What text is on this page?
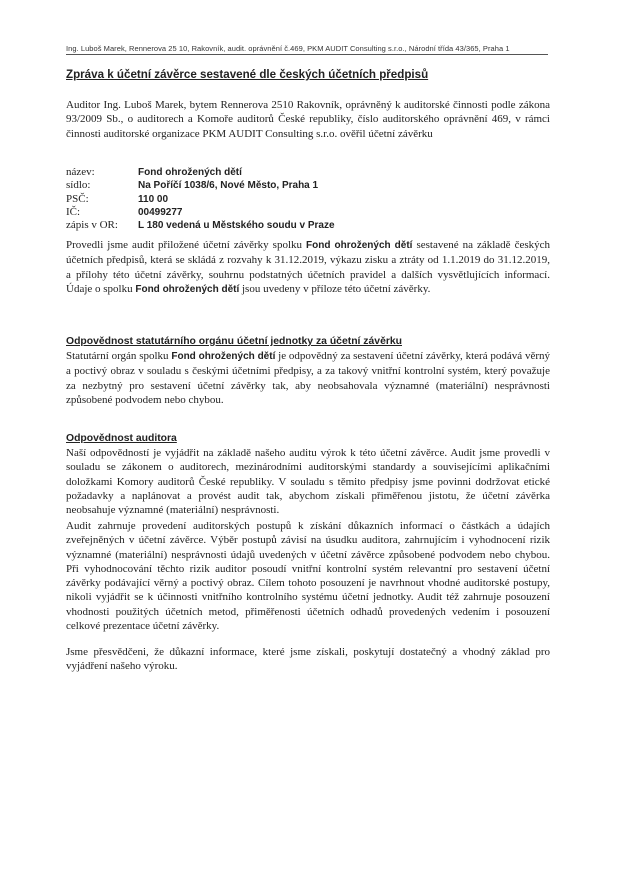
Ing. Luboš Marek, Rennerova 25 10, Rakovník, audit. oprávnění č.469, PKM AUDIT Consulting s.r.o., Národní třída 43/365, Praha 1
Zpráva k účetní závěrce sestavené dle českých účetních předpisů

Auditor Ing. Luboš Marek, bytem Rennerova 2510 Rakovník, oprávněný k auditorské činnosti podle zákona 93/2009 Sb., o auditorech a Komoře auditorů České republiky, číslo auditorského oprávnění 469, v rámci činnosti auditorské organizace PKM AUDIT Consulting s.r.o. ověřil účetní závěrku

název:	Fond ohrožených dětí
sídlo:	Na Poříčí 1038/6, Nové Město, Praha 1
PSČ:	110 00
IČ:	00499277
zápis v OR: L 180 vedená u Městského soudu v Praze

Provedli jsme audit přiložené účetní závěrky spolku Fond ohrožených dětí sestavené na základě českých účetních předpisů, která se skládá z rozvahy k 31.12.2019, výkazu zisku a ztráty od 1.1.2019 do 31.12.2019, a přílohy této účetní závěrky, souhrnu podstatných účetních pravidel a dalších vysvětlujících informací. Údaje o spolku Fond ohrožených dětí jsou uvedeny v příloze této účetní závěrky.

Odpovědnost statutárního orgánu účetní jednotky za účetní závěrku

Statutární orgán spolku Fond ohrožených dětí je odpovědný za sestavení účetní závěrky, která podává věrný a poctivý obraz v souladu s českými účetními předpisy, a za takový vnitřní kontrolní systém, který považuje za nezbytný pro sestavení účetní závěrky tak, aby neobsahovala významné (materiální) nesprávnosti způsobené podvodem nebo chybou.

Odpovědnost auditora

Naší odpovědností je vyjádřit na základě našeho auditu výrok k této účetní závěrce. Audit jsme provedli v souladu se zákonem o auditorech, mezinárodními auditorskými standardy a souvisejícími aplikačními doložkami Komory auditorů České republiky. V souladu s těmito předpisy jsme povinni dodržovat etické požadavky a naplánovat a provést audit tak, abychom získali přiměřenou jistotu, že účetní závěrka neobsahuje významné (materiální) nesprávnosti.

Audit zahrnuje provedení auditorských postupů k získání důkazních informací o částkách a údajích zveřejněných v účetní závěrce. Výběr postupů závisí na úsudku auditora, zahrnujícím i vyhodnocení rizik významné (materiální) nesprávnosti údajů uvedených v účetní závěrce způsobené podvodem nebo chybou. Při vyhodnocování těchto rizik auditor posoudí vnitřní kontrolní systém relevantní pro sestavení účetní závěrky podávající věrný a poctivý obraz. Cílem tohoto posouzení je navrhnout vhodné auditorské postupy, nikoli vyjádřit se k účinnosti vnitřního kontrolního systému účetní jednotky. Audit též zahrnuje posouzení vhodnosti použitých účetních metod, přiměřenosti účetních odhadů provedených vedením i posouzení celkové prezentace účetní závěrky.

Jsme přesvědčeni, že důkazní informace, které jsme získali, poskytují dostatečný a vhodný základ pro vyjádření našeho výroku.
